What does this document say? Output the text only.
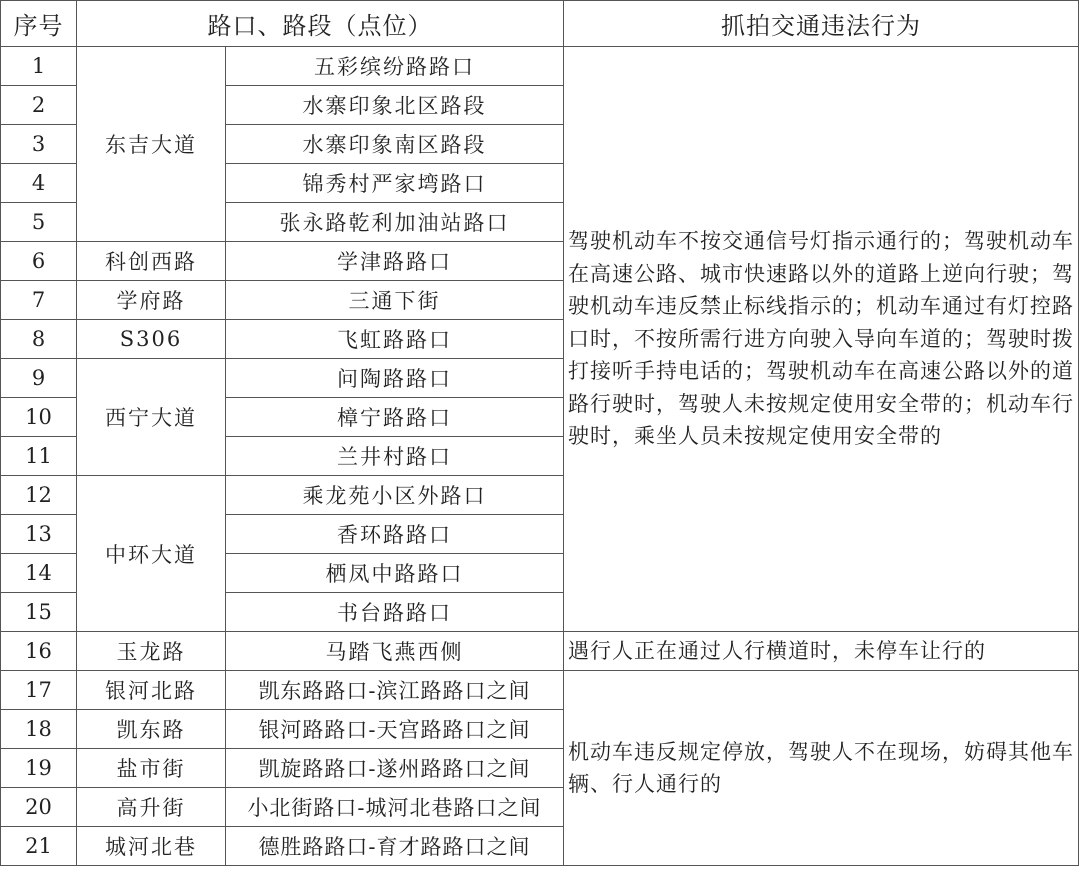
序号	路口、路段（点位）		抓拍交通违法行为
1	东吉大道	五彩缤纷路路口	驾驶机动车不按交通信号灯指示通行的；驾驶机动车在高速公路、城市快速路以外的道路上逆向行驶；驾驶机动车违反禁止标线指示的；机动车通过有灯控路口时，不按所需行进方向驶入导向车道的；驾驶时拨打接听手持电话的；驾驶机动车在高速公路以外的道路行驶时，驾驶人未按规定使用安全带的；机动车行驶时，乘坐人员未按规定使用安全带的
2		水寨印象北区路段	
3		水寨印象南区路段	
4		锦秀村严家塆路口	
5		张永路乾利加油站路口	
6	科创西路	学津路路口	
7	学府路	三通下街	
8	S306	飞虹路路口	
9	西宁大道	问陶路路口	
10		樟宁路路口	
11		兰井村路口	
12	中环大道	乘龙苑小区外路口	
13		香环路路口	
14		栖凤中路路口	
15		书台路路口	
16	玉龙路	马踏飞燕西侧	遇行人正在通过人行横道时，未停车让行的
17	银河北路	凯东路路口-滨江路路口之间	机动车违反规定停放，驾驶人不在现场，妨碍其他车辆、行人通行的
18	凯东路	银河路路口-天宫路路口之间	
19	盐市街	凯旋路路口-遂州路路口之间	
20	高升街	小北街路口-城河北巷路口之间	
21	城河北巷	德胜路路口-育才路路口之间	
